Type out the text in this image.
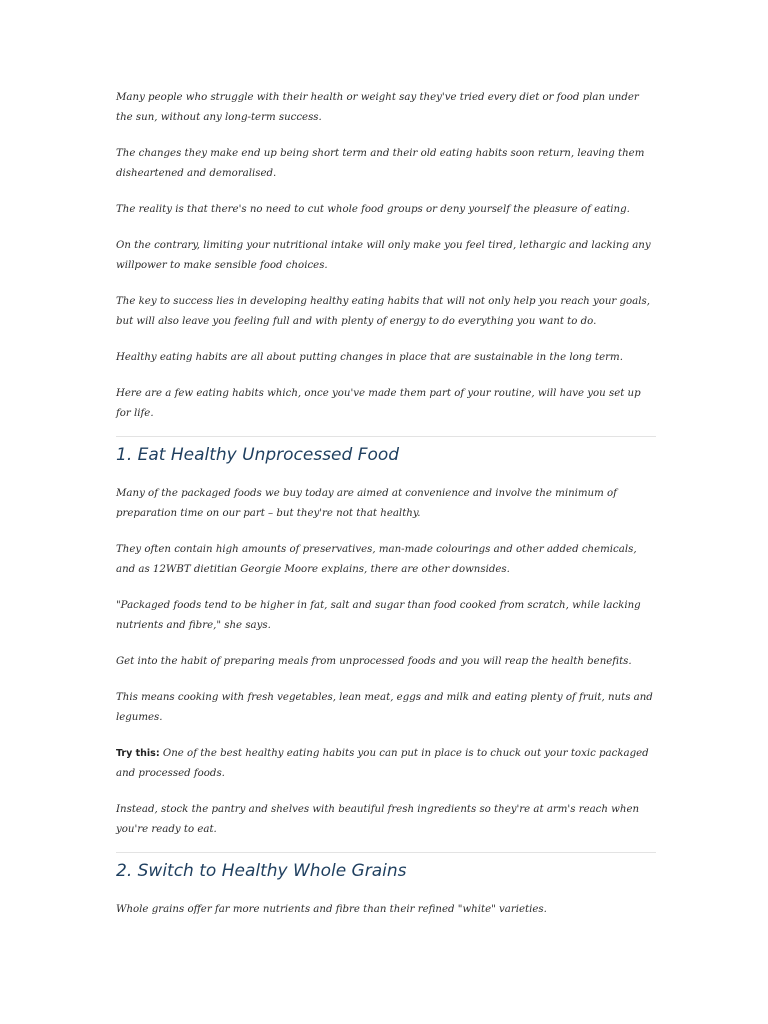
Many people who struggle with their health or weight say they've tried every diet or food plan under the sun, without any long-term success.

The changes they make end up being short term and their old eating habits soon return, leaving them disheartened and demoralised.

The reality is that there's no need to cut whole food groups or deny yourself the pleasure of eating.

On the contrary, limiting your nutritional intake will only make you feel tired, lethargic and lacking any willpower to make sensible food choices.

The key to success lies in developing healthy eating habits that will not only help you reach your goals, but will also leave you feeling full and with plenty of energy to do everything you want to do.

Healthy eating habits are all about putting changes in place that are sustainable in the long term.

Here are a few eating habits which, once you've made them part of your routine, will have you set up for life.

1. Eat Healthy Unprocessed Food

Many of the packaged foods we buy today are aimed at convenience and involve the minimum of preparation time on our part – but they're not that healthy.

They often contain high amounts of preservatives, man-made colourings and other added chemicals, and as 12WBT dietitian Georgie Moore explains, there are other downsides.

"Packaged foods tend to be higher in fat, salt and sugar than food cooked from scratch, while lacking nutrients and fibre," she says.

Get into the habit of preparing meals from unprocessed foods and you will reap the health benefits.

This means cooking with fresh vegetables, lean meat, eggs and milk and eating plenty of fruit, nuts and legumes.

Try this: One of the best healthy eating habits you can put in place is to chuck out your toxic packaged and processed foods.

Instead, stock the pantry and shelves with beautiful fresh ingredients so they're at arm's reach when you're ready to eat.

2. Switch to Healthy Whole Grains

Whole grains offer far more nutrients and fibre than their refined "white" varieties.
